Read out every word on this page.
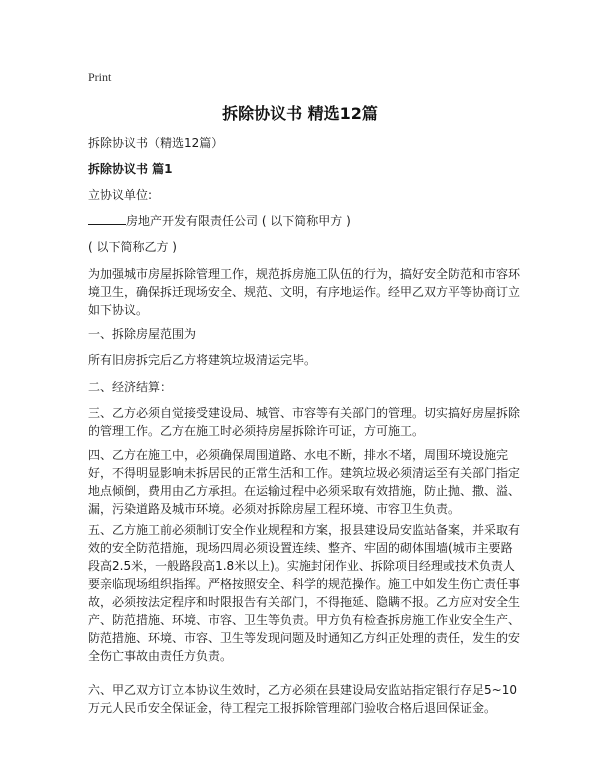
Print
拆除协议书 精选12篇

拆除协议书（精选12篇）

拆除协议书 篇1

立协议单位:

房地产开发有限责任公司 ( 以下简称甲方 )

( 以下简称乙方 )

为加强城市房屋拆除管理工作，规范拆房施工队伍的行为，搞好安全防范和市容环境卫生，确保拆迁现场安全、规范、文明，有序地运作。经甲乙双方平等协商订立如下协议。

一、拆除房屋范围为

所有旧房拆完后乙方将建筑垃圾清运完毕。

二、经济结算：

三、乙方必须自觉接受建设局、城管、市容等有关部门的管理。切实搞好房屋拆除的管理工作。乙方在施工时必须持房屋拆除许可证，方可施工。

四、乙方在施工中，必须确保周围道路、水电不断，排水不堵，周围环境设施完好，不得明显影响未拆居民的正常生活和工作。建筑垃圾必须清运至有关部门指定地点倾倒，费用由乙方承担。在运输过程中必须采取有效措施，防止抛、撒、溢、漏，污染道路及城市环境。必须对拆除房屋工程环境、市容卫生负责。

五、乙方施工前必须制订安全作业规程和方案，报县建设局安监站备案，并采取有效的安全防范措施，现场四周必须设置连续、整齐、牢固的砌体围墙(城市主要路段高2.5米，一般路段高1.8米以上)。实施封闭作业、拆除项目经理或技术负责人要亲临现场组织指挥。严格按照安全、科学的规范操作。施工中如发生伤亡责任事故，必须按法定程序和时限报告有关部门，不得拖延、隐瞒不报。乙方应对安全生产、防范措施、环境、市容、卫生等负责。甲方负有检查拆房施工作业安全生产、防范措施、环境、市容、卫生等发现问题及时通知乙方纠正处理的责任，发生的安全伤亡事故由责任方负责。

六、甲乙双方订立本协议生效时，乙方必须在县建设局安监站指定银行存足5~10万元人民币安全保证金，待工程完工报拆除管理部门验收合格后退回保证金。
